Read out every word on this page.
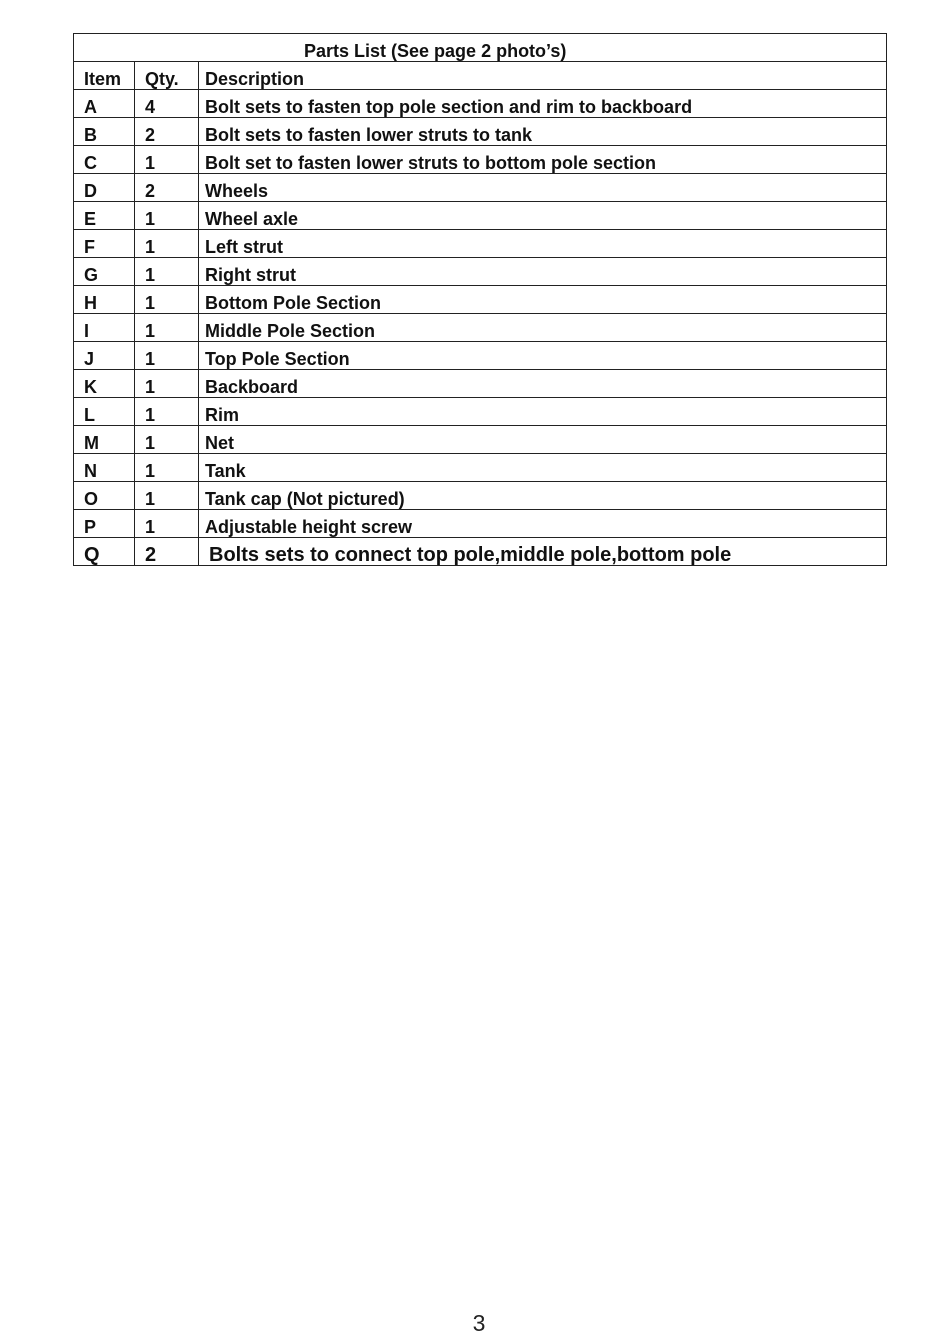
Parts List (See page 2 photo’s)		
Item	Qty.	Description
A	4	Bolt sets to fasten top pole section and rim to backboard
B	2	Bolt sets to fasten lower struts to tank
C	1	Bolt set to fasten lower struts to bottom pole section
D	2	Wheels
E	1	Wheel axle
F	1	Left strut
G	1	Right strut
H	1	Bottom Pole Section
I	1	Middle Pole Section
J	1	Top Pole Section
K	1	Backboard
L	1	Rim
M	1	Net
N	1	Tank
O	1	Tank cap (Not pictured)
P	1	Adjustable height screw
Q	2	Bolts sets to connect top pole,middle pole,bottom pole
3
